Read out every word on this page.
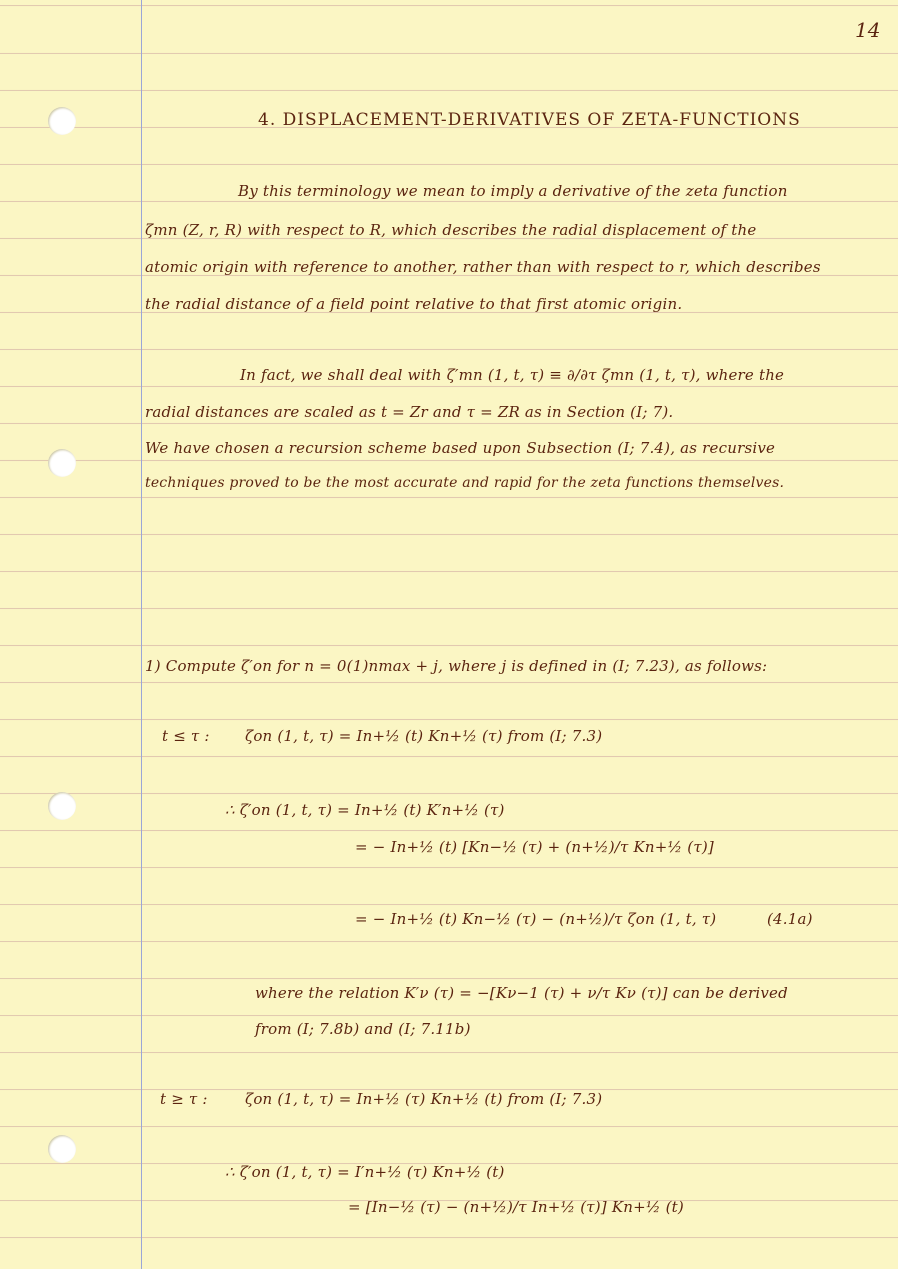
14
4. DISPLACEMENT-DERIVATIVES OF ZETA-FUNCTIONS
By this terminology we mean to imply a derivative of the zeta function
ζmn (Z, r, R) with respect to R, which describes the radial displacement of the
atomic origin with reference to another, rather than with respect to r, which describes
the radial distance of a field point relative to that first atomic origin.
In fact, we shall deal with ζ′mn (1, t, τ) ≡ ∂/∂τ ζmn (1, t, τ), where the
radial distances are scaled as t = Zr and τ = ZR as in Section (I; 7).
We have chosen a recursion scheme based upon Subsection (I; 7.4), as recursive
techniques proved to be the most accurate and rapid for the zeta functions themselves.
1) Compute ζ′on for n = 0(1)nmax + j, where j is defined in (I; 7.23), as follows:
t ≤ τ : ζon (1, t, τ) = In+½ (t) Kn+½ (τ) from (I; 7.3)
∴ ζ′on (1, t, τ) = In+½ (t) K′n+½ (τ)
= − In+½ (t) [Kn−½ (τ) + (n+½)/τ Kn+½ (τ)]
= − In+½ (t) Kn−½ (τ) − (n+½)/τ ζon (1, t, τ)	(4.1a)
where the relation K′ν (τ) = −[Kν−1 (τ) + ν/τ Kν (τ)] can be derived
from (I; 7.8b) and (I; 7.11b)
t ≥ τ : ζon (1, t, τ) = In+½ (τ) Kn+½ (t) from (I; 7.3)
∴ ζ′on (1, t, τ) = I′n+½ (τ) Kn+½ (t)
= [In−½ (τ) − (n+½)/τ In+½ (τ)] Kn+½ (t)
